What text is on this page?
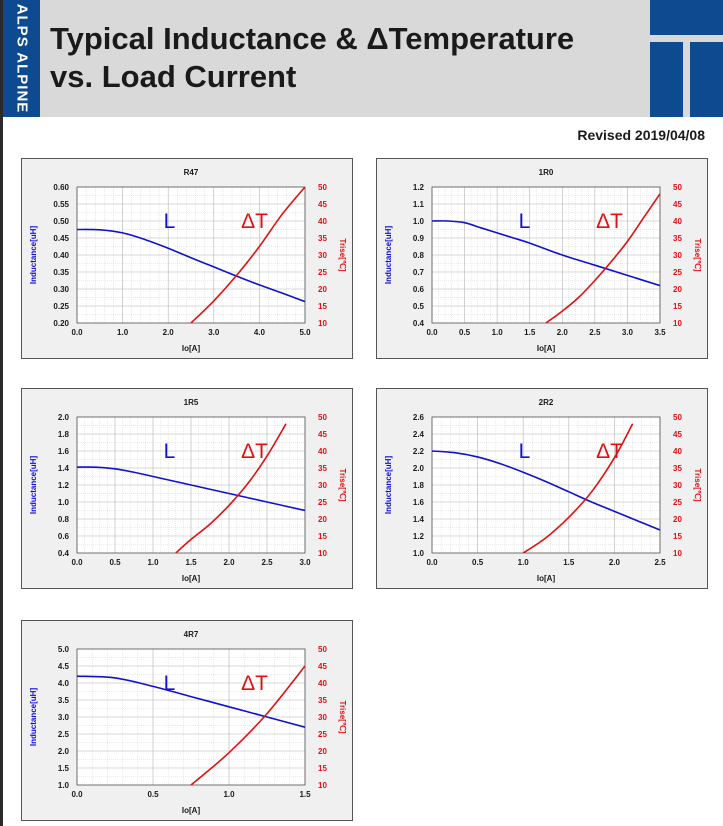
ALPS ALPINE Typical Inductance & ΔTemperature
vs. Load Current
Revised 2019/04/08
0.0	1.0	2.0	3.0	4.0	5.0
0.20
0.25
0.30
0.35
0.40
0.45
0.50
0.55
0.60
10
15
20
25
30
35
40
45
50
R47
Io[A]
Inductance[uH]	Trise[℃]
L	ΔT
0.0	0.5	1.0	1.5	2.0	2.5	3.0	3.5
0.4
0.5
0.6
0.7
0.8
0.9
1.0
1.1
1.2
10
15
20
25
30
35
40
45
50
1R0
Io[A]
Inductance[uH]	Trise[℃]
L	ΔT
0.0	0.5	1.0	1.5	2.0	2.5	3.0
0.4
0.6
0.8
1.0
1.2
1.4
1.6
1.8
2.0
10
15
20
25
30
35
40
45
50
1R5
Io[A]
Inductance[uH]	Trise[℃]
L	ΔT
0.0	0.5	1.0	1.5	2.0	2.5
1.0
1.2
1.4
1.6
1.8
2.0
2.2
2.4
2.6
10
15
20
25
30
35
40
45
50
2R2
Io[A]
Inductance[uH]	Trise[℃]
L	ΔT
0.0	0.5	1.0	1.5
1.0
1.5
2.0
2.5
3.0
3.5
4.0
4.5
5.0
10
15
20
25
30
35
40
45
50
4R7
Io[A]
Inductance[uH]	Trise[℃]
L	ΔT
